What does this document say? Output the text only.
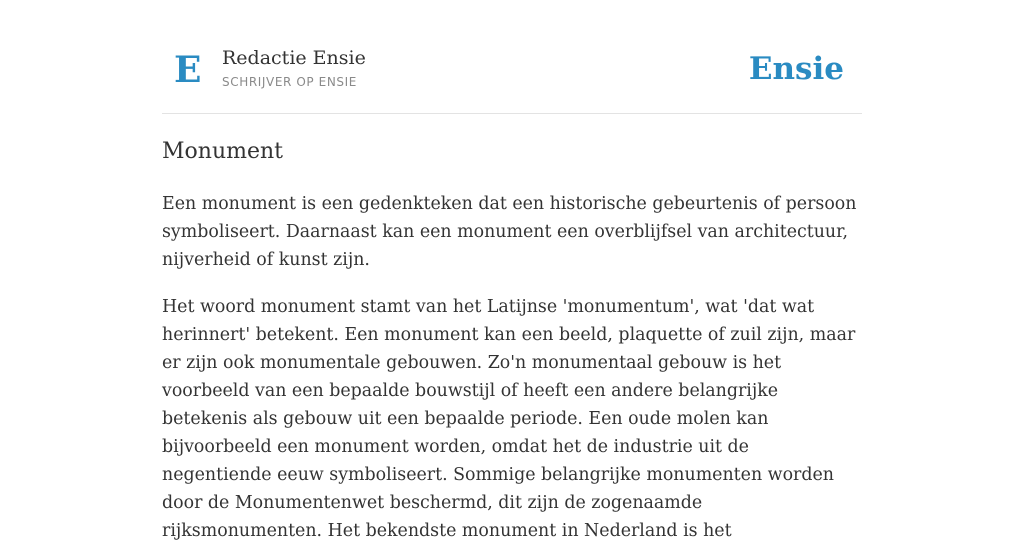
E Redactie Ensie
SCHRIJVER OP ENSIE	Ensie
Monument

Een monument is een gedenkteken dat een historische gebeurtenis of persoon symboliseert. Daarnaast kan een monument een overblijfsel van architectuur, nijverheid of kunst zijn.

Het woord monument stamt van het Latijnse 'monumentum', wat 'dat wat herinnert' betekent. Een monument kan een beeld, plaquette of zuil zijn, maar er zijn ook monumentale gebouwen. Zo'n monumentaal gebouw is het voorbeeld van een bepaalde bouwstijl of heeft een andere belangrijke betekenis als gebouw uit een bepaalde periode. Een oude molen kan bijvoorbeeld een monument worden, omdat het de industrie uit de negentiende eeuw symboliseert. Sommige belangrijke monumenten worden door de Monumentenwet beschermd, dit zijn de zogenaamde rijksmonumenten. Het bekendste monument in Nederland is het
